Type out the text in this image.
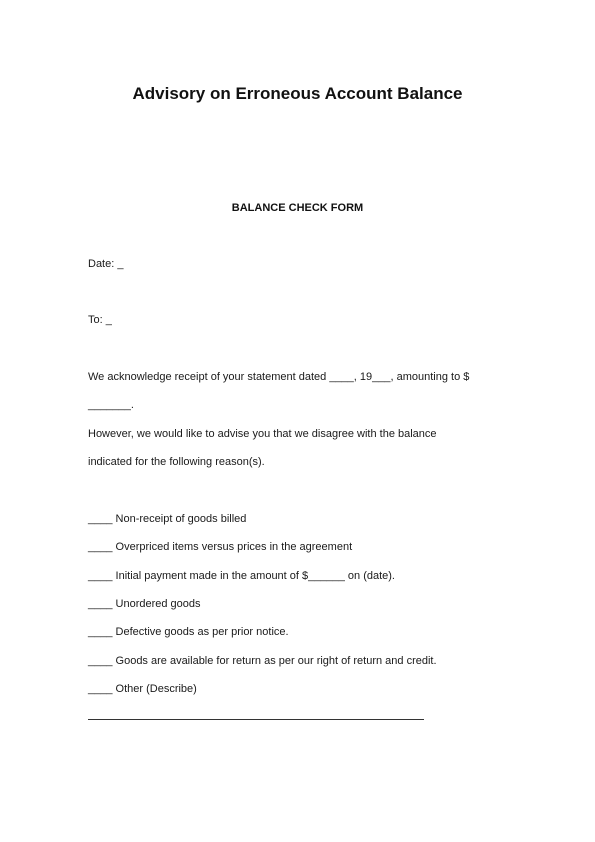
Advisory on Erroneous Account Balance
BALANCE CHECK FORM

Date: _

To: _

We acknowledge receipt of your statement dated ____, 19___, amounting to $

_______.

However, we would like to advise you that we disagree with the balance

indicated for the following reason(s).

____ Non-receipt of goods billed

____ Overpriced items versus prices in the agreement

____ Initial payment made in the amount of $______ on (date).

____ Unordered goods

____ Defective goods as per prior notice.

____ Goods are available for return as per our right of return and credit.

____ Other (Describe)
